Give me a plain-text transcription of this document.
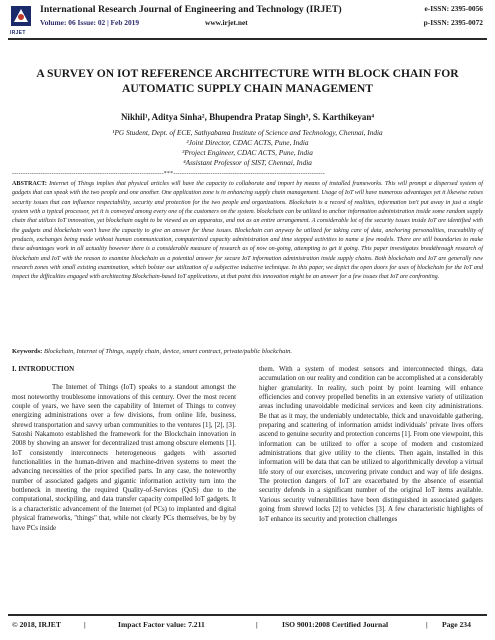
IRJET
International Research Journal of Engineering and Technology (IRJET)
Volume: 06 Issue: 02 | Feb 2019	www.irjet.net
e-ISSN: 2395-0056
p-ISSN: 2395-0072
A SURVEY ON IOT REFERENCE ARCHITECTURE WITH BLOCK CHAIN FOR AUTOMATIC SUPPLY CHAIN MANAGEMENT
Nikhil¹, Aditya Sinha², Bhupendra Pratap Singh³, S. Karthikeyan⁴
¹PG Student, Dept. of ECE, Sathyabama Institute of Science and Technology, Chennai, India
²Joint Director, CDAC ACTS, Pune, India
³Project Engineer, CDAC ACTS, Pune, India
⁴Assistant Professor of SIST, Chennai, India
---------------------------------------------------------------------***---------------------------------------------------------------------
ABSTRACT: Internet of Things implies that physical articles will have the capacity to collaborate and import by means of installed frameworks. This will prompt a dispersed system of gadgets that can speak with the two people and one another. One application zone is in enhancing supply chain management. Usage of IoT will have numerous advantages yet it likewise raises security issues that can influence respectability, security and protection for the two people and organizations. Blockchain is a record of realities, information isn't put away in just a single system with a typical processor, yet it is conveyed among every one of the customers on the system. blockchain can be utilized to anchor information administration inside some random supply chain that utilizes IoT innovation, yet blockchain ought to be viewed as an apparatus, and not as an entire arrangement. A considerable lot of the security issues inside IoT are identified with the gadgets and blockchain won't have the capacity to give an answer for these issues. Blockchain can anyway be utilized for taking care of data, anchoring personalities, traceability of products, exchanges being made without human communication, computerized capacity administration and time stepped activities to name a few models. There are still boundaries to make these advantages work in all actuality however there is a considerable measure of research as of now on-going, attempting to get it going. This paper investigates breakthrough research of blockchain and IoT with the reason to examine blockchain as a potential answer for secure IoT information administration inside supply chains. Both blockchain and IoT are generally new research zones with small existing examination, which bolster our utilization of a subjective inductive technique. In this paper, we depict the open doors for uses of blockchain for the IoT and inspect the difficulties engaged with architecting Blockchain-based IoT applications, at that point this innovation might be an answer for a few issues that IoT are confronting.
Keywords: Blockchain, Internet of Things, supply chain, device, smart contract, private/public blockchain.
I. INTRODUCTION
The Internet of Things (IoT) speaks to a standout amongst the most noteworthy troublesome innovations of this century. Over the most recent couple of years, we have seen the capability of Internet of Things to convey energizing administrations over a few divisions, from online life, business, shrewd transportation and savvy urban communities to the ventures [1], [2], [3]. Satoshi Nakamoto established the framework for the Blockchain innovation in 2008 by showing an answer for decentralized trust among obscure elements [1]. IoT consistently interconnects heterogeneous gadgets with assorted functionalities in the human-driven and machine-driven systems to meet the advancing necessities of the prior specified parts. In any case, the noteworthy number of associated gadgets and gigantic information activity turn into the bottleneck in meeting the required Quality-of-Services (QoS) due to the computational, stockpiling, and data transfer capacity compelled IoT gadgets. It is a characteristic advancement of the Internet (of PCs) to implanted and digital physical frameworks, "things" that, while not clearly PCs themselves, be by by have PCs inside
them. With a system of modest sensors and interconnected things, data accumulation on our reality and condition can be accomplished at a considerably higher granularity. In reality, such point by point learning will enhance efficiencies and convey propelled benefits in an extensive variety of utilization areas including unavoidable medicinal services and keen city administrations. Be that as it may, the undeniably undetectable, thick and unavoidable gathering, preparing and scattering of information amidst individuals' private lives offers ascend to genuine security and protection concerns [1]. From one viewpoint, this information can be utilized to offer a scope of modern and customized administrations that give utility to the clients. Then again, installed in this information will be data that can be utilized to algorithmically develop a virtual life story of our exercises, uncovering private conduct and way of life designs. The protection dangers of IoT are exacerbated by the absence of essential security defends in a significant number of the original IoT items available. Various security vulnerabilities have been distinguished in associated gadgets going from shrewd locks [2] to vehicles [3]. A few characteristic highlights of IoT enhance its security and protection challenges
© 2018, IRJET	|	Impact Factor value: 7.211	|	ISO 9001:2008 Certified Journal	| Page 234
